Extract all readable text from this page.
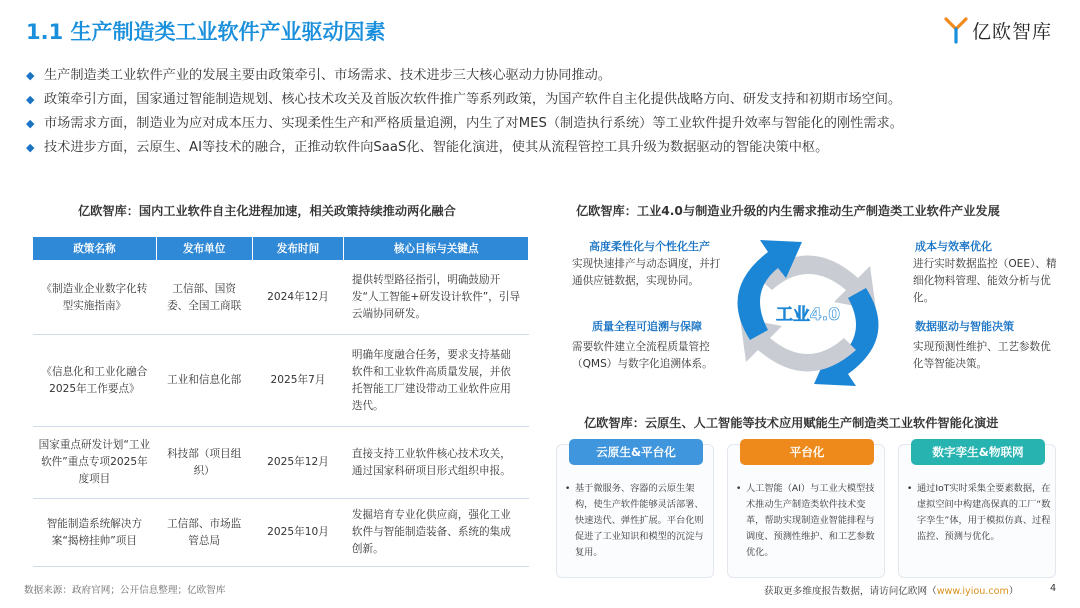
1.1 生产制造类工业软件产业驱动因素	亿欧智库
◆ 生产制造类工业软件产业的发展主要由政策牵引、市场需求、技术进步三大核心驱动力协同推动。
◆ 政策牵引方面，国家通过智能制造规划、核心技术攻关及首版次软件推广等系列政策，为国产软件自主化提供战略方向、研发支持和初期市场空间。
◆ 市场需求方面，制造业为应对成本压力、实现柔性生产和严格质量追溯，内生了对MES（制造执行系统）等工业软件提升效率与智能化的刚性需求。
◆ 技术进步方面，云原生、AI等技术的融合，正推动软件向SaaS化、智能化演进，使其从流程管控工具升级为数据驱动的智能决策中枢。
亿欧智库：国内工业软件自主化进程加速，相关政策持续推动两化融合
政策名称	发布单位	发布时间	核心目标与关键点
《制造业企业数字化转型实施指南》	工信部、国资委、全国工商联	2024年12月	提供转型路径指引，明确鼓励开发“人工智能+研发设计软件”，引导云端协同研发。
《信息化和工业化融合2025年工作要点》	工业和信息化部	2025年7月	明确年度融合任务，要求支持基础软件和工业软件高质量发展，并依托智能工厂建设带动工业软件应用迭代。
国家重点研发计划“工业软件”重点专项2025年度项目	科技部（项目组织）	2025年12月	直接支持工业软件核心技术攻关，通过国家科研项目形式组织申报。
智能制造系统解决方案“揭榜挂帅”项目	工信部、市场监管总局	2025年10月	发掘培育专业化供应商，强化工业软件与智能制造装备、系统的集成创新。
数据来源：政府官网；公开信息整理；亿欧智库
亿欧智库：工业4.0与制造业升级的内生需求推动生产制造类工业软件产业发展
高度柔性化与个性化生产
实现快速排产与动态调度，并打通供应链数据，实现协同。
成本与效率优化
进行实时数据监控（OEE）、精细化物料管理、能效分析与优化。
质量全程可追溯与保障
需要软件建立全流程质量管控（QMS）与数字化追溯体系。
数据驱动与智能决策
实现预测性维护、工艺参数优化等智能决策。
工业4.0
亿欧智库：云原生、人工智能等技术应用赋能生产制造类工业软件智能化演进
云原生&平台化
• 基于微服务、容器的云原生架构，使生产软件能够灵活部署、快速迭代、弹性扩展。平台化则促进了工业知识和模型的沉淀与复用。
平台化
• 人工智能（AI）与工业大模型技术推动生产制造类软件技术变革，帮助实现制造业智能排程与调度、预测性维护、和工艺参数优化。
数字孪生&物联网
• 通过IoT实时采集全要素数据，在虚拟空间中构建高保真的工厂“数字孪生”体，用于模拟仿真、过程监控、预测与优化。
获取更多维度报告数据，请访问亿欧网（www.iyiou.com）	4
